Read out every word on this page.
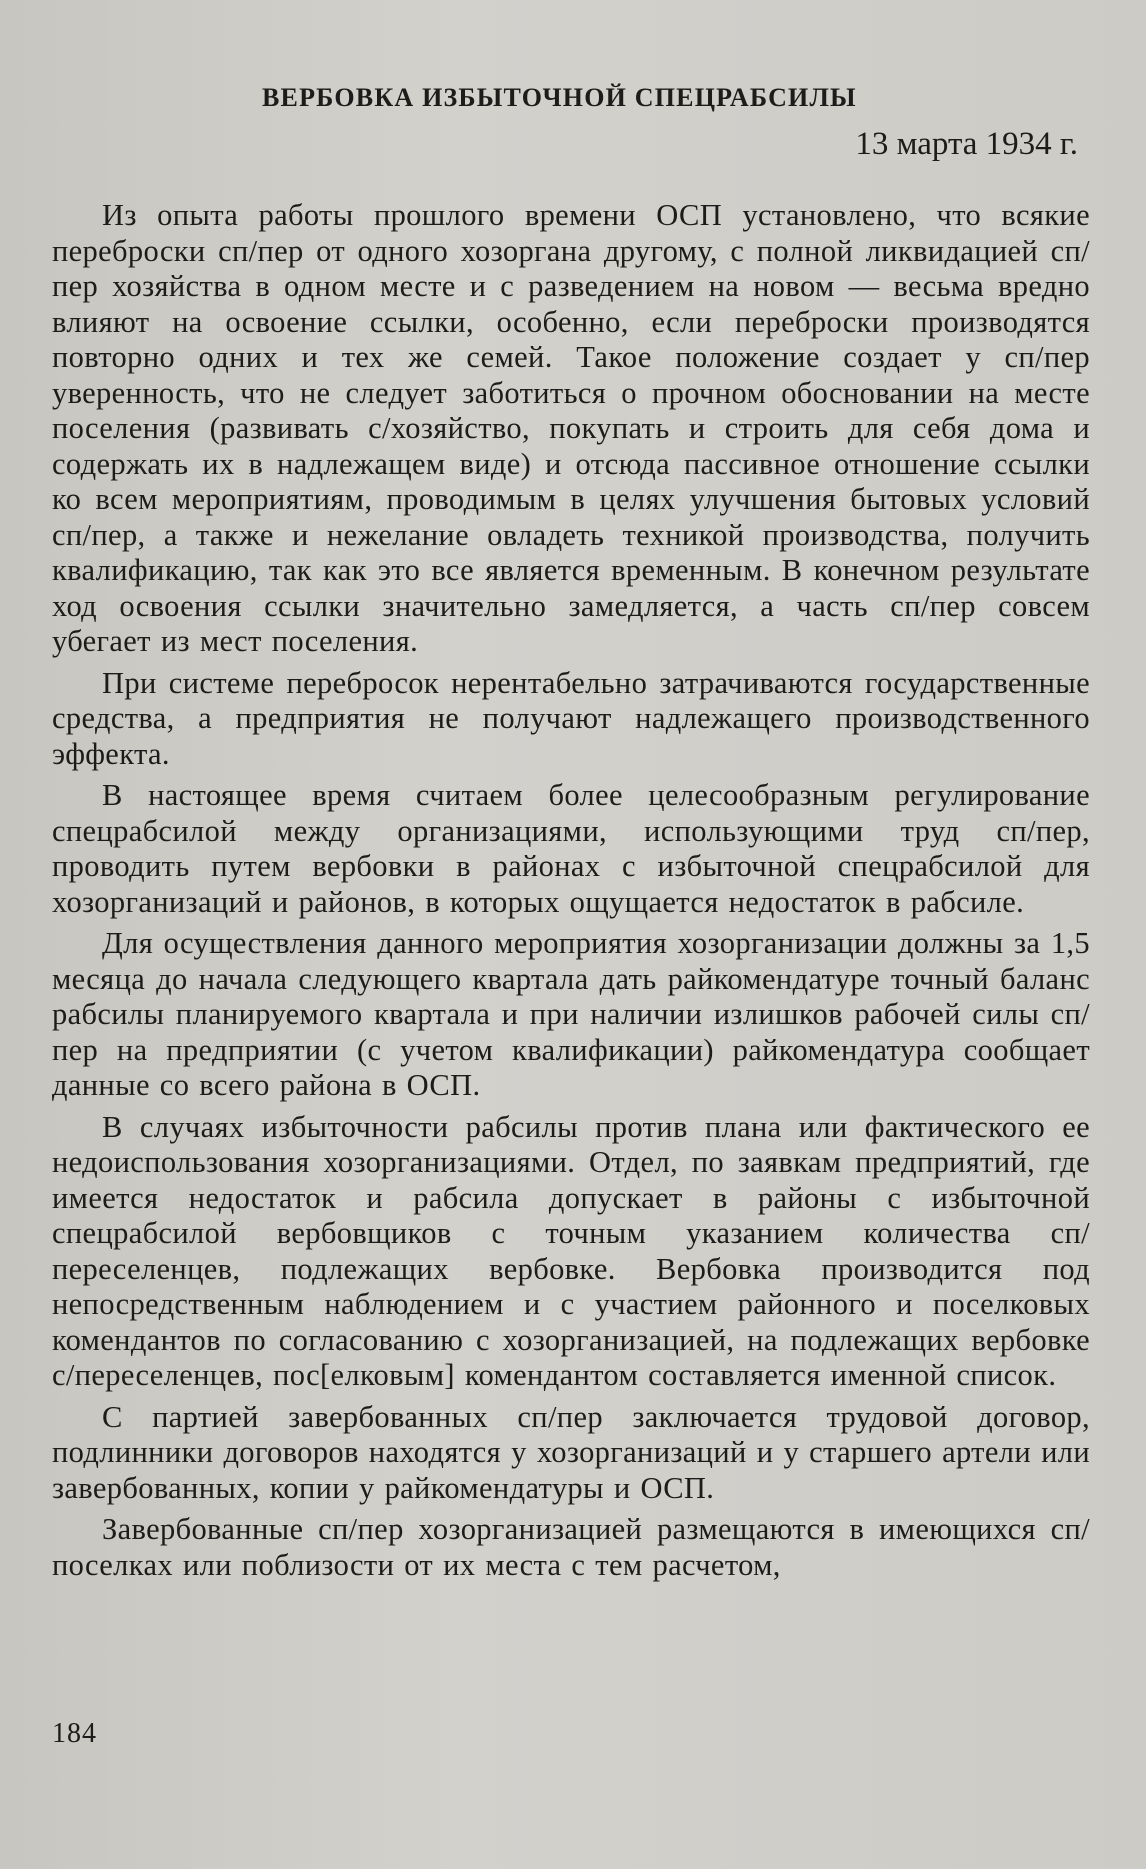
ВЕРБОВКА ИЗБЫТОЧНОЙ СПЕЦРАБСИЛЫ
13 марта 1934 г.

Из опыта работы прошлого времени ОСП установлено, что всякие переброски сп/пер от одного хозоргана другому, с полной ликвидацией сп/пер хозяйства в одном месте и с разведением на новом — весьма вредно влияют на освоение ссылки, особенно, если переброски производятся повторно одних и тех же семей. Такое положение создает у сп/пер уверенность, что не следует заботиться о прочном обосновании на месте поселения (развивать с/хозяйство, покупать и строить для себя дома и содержать их в надлежащем виде) и отсюда пассивное отношение ссылки ко всем мероприятиям, проводимым в целях улучшения бытовых условий сп/пер, а также и нежелание овладеть техникой производства, получить квалификацию, так как это все является временным. В конечном результате ход освоения ссылки значительно замедляется, а часть сп/пер совсем убегает из мест поселения.

При системе перебросок нерентабельно затрачиваются государственные средства, а предприятия не получают надлежащего производственного эффекта.

В настоящее время считаем более целесообразным регулирование спецрабсилой между организациями, использующими труд сп/пер, проводить путем вербовки в районах с избыточной спецрабсилой для хозорганизаций и районов, в которых ощущается недостаток в рабсиле.

Для осуществления данного мероприятия хозорганизации должны за 1,5 месяца до начала следующего квартала дать райкомендатуре точный баланс рабсилы планируемого квартала и при наличии излишков рабочей силы сп/пер на предприятии (с учетом квалификации) райкомендатура сообщает данные со всего района в ОСП.

В случаях избыточности рабсилы против плана или фактического ее недоиспользования хозорганизациями. Отдел, по заявкам предприятий, где имеется недостаток и рабсила допускает в районы с избыточной спецрабсилой вербовщиков с точным указанием количества сп/переселенцев, подлежащих вербовке. Вербовка производится под непосредственным наблюдением и с участием районного и поселковых комендантов по согласованию с хозорганизацией, на подлежащих вербовке с/переселенцев, пос[елковым] комендантом составляется именной список.

С партией завербованных сп/пер заключается трудовой договор, подлинники договоров находятся у хозорганизаций и у старшего артели или завербованных, копии у райкомендатуры и ОСП.

Завербованные сп/пер хозорганизацией размещаются в имеющихся сп/поселках или поблизости от их места с тем расчетом,

184
